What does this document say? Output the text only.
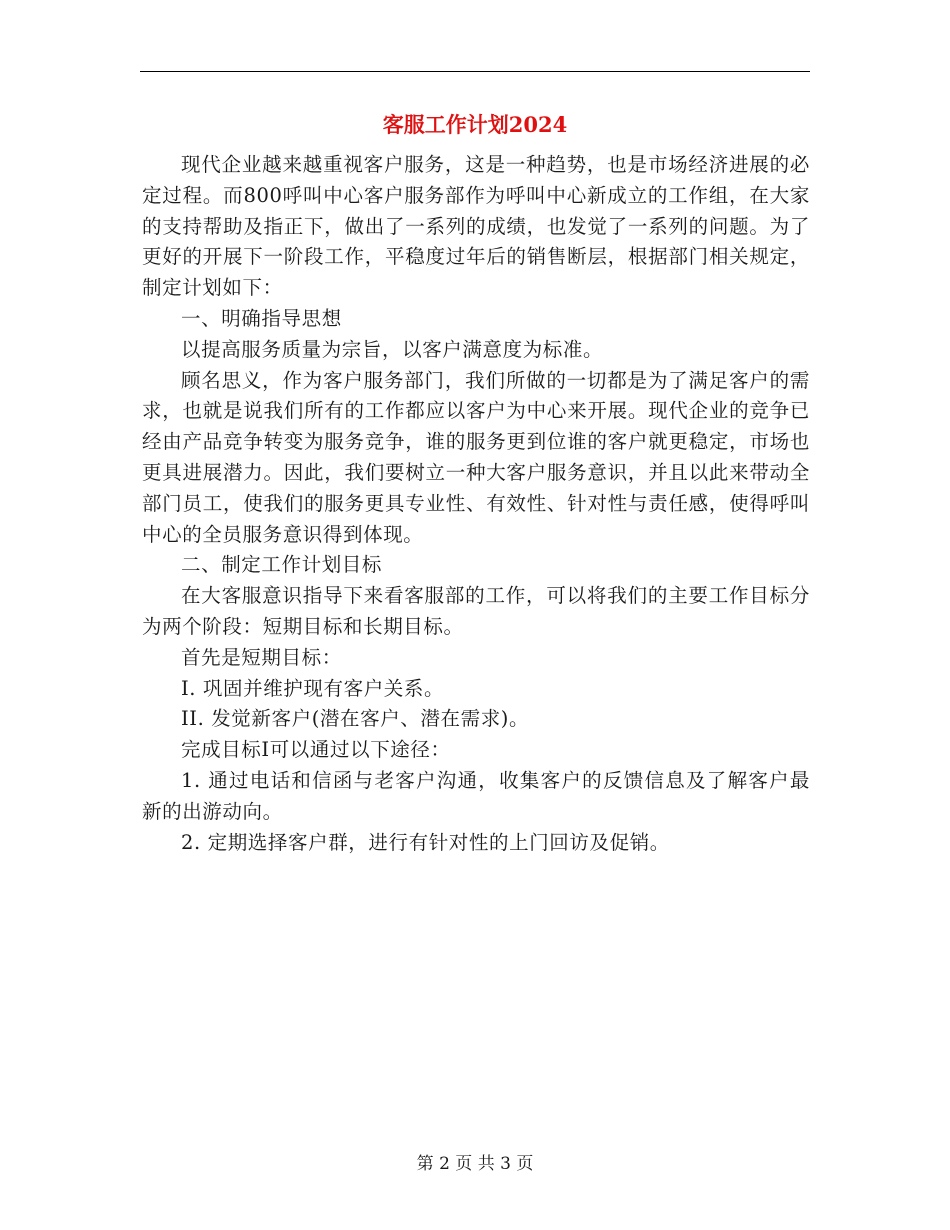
客服工作计划2024

现代企业越来越重视客户服务，这是一种趋势，也是市场经济进展的必定过程。而800呼叫中心客户服务部作为呼叫中心新成立的工作组，在大家的支持帮助及指正下，做出了一系列的成绩，也发觉了一系列的问题。为了更好的开展下一阶段工作，平稳度过年后的销售断层，根据部门相关规定，制定计划如下：

一、明确指导思想

以提高服务质量为宗旨，以客户满意度为标准。

顾名思义，作为客户服务部门，我们所做的一切都是为了满足客户的需求，也就是说我们所有的工作都应以客户为中心来开展。现代企业的竞争已经由产品竞争转变为服务竞争，谁的服务更到位谁的客户就更稳定，市场也更具进展潜力。因此，我们要树立一种大客户服务意识，并且以此来带动全部门员工，使我们的服务更具专业性、有效性、针对性与责任感，使得呼叫中心的全员服务意识得到体现。

二、制定工作计划目标

在大客服意识指导下来看客服部的工作，可以将我们的主要工作目标分为两个阶段：短期目标和长期目标。

首先是短期目标：

I. 巩固并维护现有客户关系。

II. 发觉新客户(潜在客户、潜在需求)。

完成目标I可以通过以下途径：

1. 通过电话和信函与老客户沟通，收集客户的反馈信息及了解客户最新的出游动向。

2. 定期选择客户群，进行有针对性的上门回访及促销。

第 2 页 共 3 页
